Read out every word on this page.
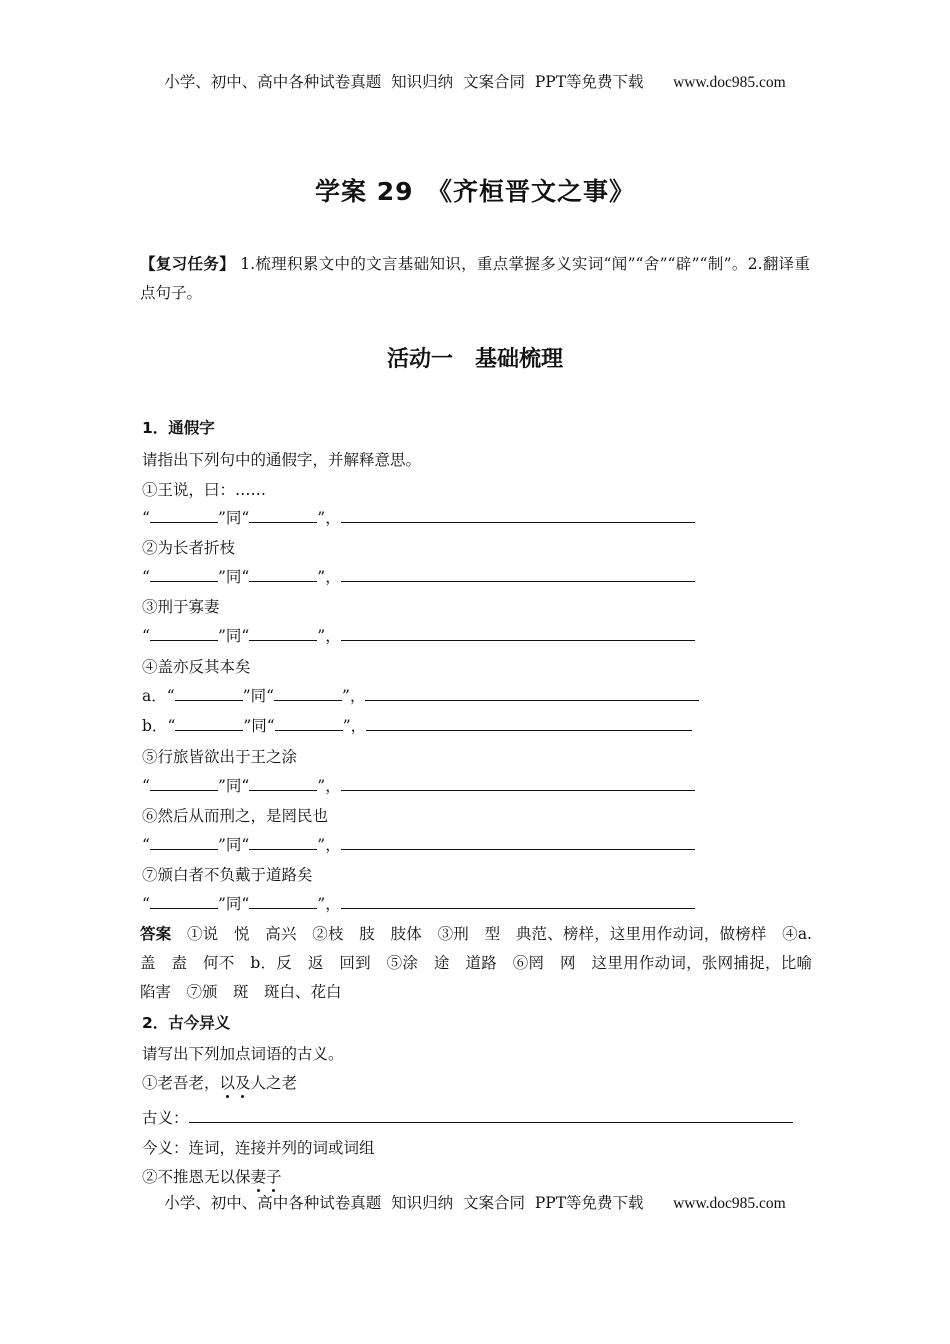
小学、初中、高中各种试卷真题  知识归纳  文案合同  PPT等免费下载 www.doc985.com
学案 29　《齐桓晋文之事》
【复习任务】 1.梳理积累文中的文言基础知识，重点掌握多义实词“闻”“舍”“辟”“制”。2.翻译重点句子。
活动一　基础梳理
1．通假字
请指出下列句中的通假字，并解释意思。
①王说，曰：……
“	”同“	”，
②为长者折枝
“	”同“	”，
③刑于寡妻
“	”同“	”，
④盖亦反其本矣
a．“	”同“	”，
b．“	”同“	”，
⑤行旅皆欲出于王之涂
“	”同“	”，
⑥然后从而刑之，是罔民也
“	”同“	”，
⑦颁白者不负戴于道路矣
“	”同“	”，
答案　 ①说　悦　高兴　②枝　肢　肢体　③刑　型　典范、榜样，这里用作动词，做榜样　④a.盖　盍　何不　b．反　返　回到　⑤涂　途　道路　⑥罔　网　这里用作动词，张网捕捉，比喻陷害　⑦颁　斑　斑白、花白
2．古今异义
请写出下列加点词语的古义。
①老吾老，以及人之老
古义：
今义：连词，连接并列的词或词组
②不推恩无以保妻子
小学、初中、高中各种试卷真题  知识归纳  文案合同  PPT等免费下载 www.doc985.com
